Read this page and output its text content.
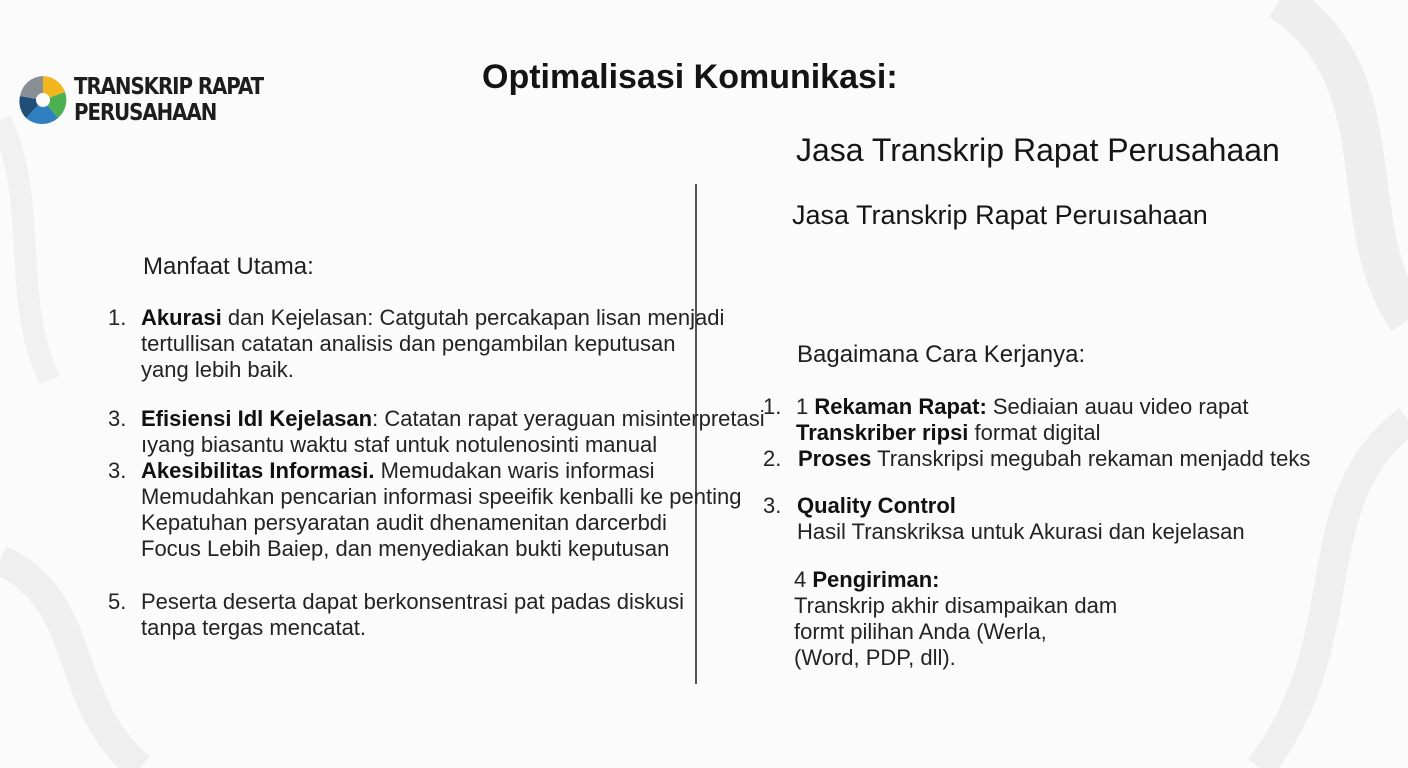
TRANSKRIP RAPAT
PERUSAHAAN
Optimalisasi Komunikasi:
Jasa Transkrip Rapat Perusahaan
Jasa Transkrip Rapat Peruısahaan
Manfaat Utama:
1. Akurasi dan Kejelasan: Catgutah percakapan lisan menjadi
tertullisan catatan analisis dan pengambilan keputusan
yang lebih baik.
3. Efisiensi Idl Kejelasan: Catatan rapat yeraguan misinterpretasi
ıyang biasantu waktu staf untuk notulenosinti manual
3. Akesibilitas Informasi. Memudakan waris informasi
Memudahkan pencarian informasi speeifik kenballi ke penting
Kepatuhan persyaratan audit dhenamenitan darcerbdi
Focus Lebih Baiep, dan menyediakan bukti keputusan
5. Peserta deserta dapat berkonsentrasi pat padas diskusi
tanpa tergas mencatat.
Bagaimana Cara Kerjanya:
1. 1 Rekaman Rapat: Sediaian auau video rapat
Transkriber ripsi format digital
2. Proses Transkripsi megubah rekaman menjadd teks
3. Quality Control
Hasil Transkriksa untuk Akurasi dan kejelasan
4 Pengiriman:
Transkrip akhir disampaikan dam
formt pilihan Anda (Werla,
(Word, PDP, dll).
